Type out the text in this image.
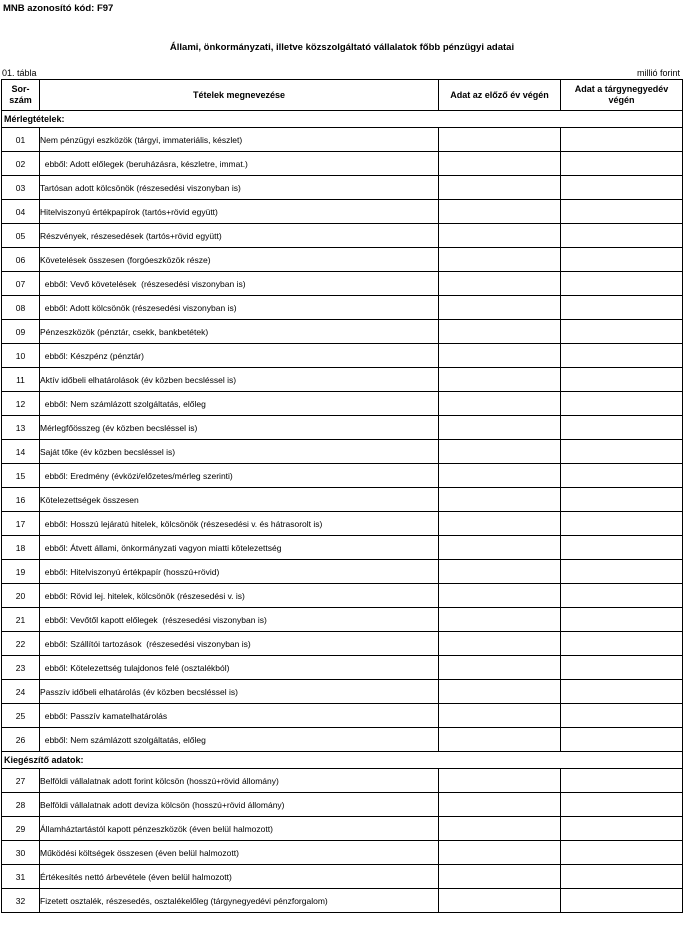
MNB azonosító kód: F97
Állami, önkormányzati, illetve közszolgáltató vállalatok főbb pénzügyi adatai
01. tábla	millió forint
Sor-
szám	Tételek megnevezése	Adat az előző év végén	Adat a tárgynegyedév
végén
Mérlegtételek:			
01	Nem pénzügyi eszközök (tárgyi, immateriális, készlet)		
02	ebből: Adott előlegek (beruházásra, készletre, immat.)		
03	Tartósan adott kölcsönök (részesedési viszonyban is)		
04	Hitelviszonyú értékpapírok (tartós+rövid együtt)		
05	Részvények, részesedések (tartós+rövid együtt)		
06	Követelések összesen (forgóeszközök része)		
07	ebből: Vevő követelések  (részesedési viszonyban is)		
08	ebből: Adott kölcsönök (részesedési viszonyban is)		
09	Pénzeszközök (pénztár, csekk, bankbetétek)		
10	ebből: Készpénz (pénztár)		
11	Aktív időbeli elhatárolások (év közben becsléssel is)		
12	ebből: Nem számlázott szolgáltatás, előleg		
13	Mérlegfőösszeg (év közben becsléssel is)		
14	Saját tőke (év közben becsléssel is)		
15	ebből: Eredmény (évközi/előzetes/mérleg szerinti)		
16	Kötelezettségek összesen		
17	ebből: Hosszú lejáratú hitelek, kölcsönök (részesedési v. és hátrasorolt is)		
18	ebből: Átvett állami, önkormányzati vagyon miatti kötelezettség		
19	ebből: Hitelviszonyú értékpapír (hosszú+rövid)		
20	ebből: Rövid lej. hitelek, kölcsönök (részesedési v. is)		
21	ebből: Vevőtől kapott előlegek  (részesedési viszonyban is)		
22	ebből: Szállítói tartozások  (részesedési viszonyban is)		
23	ebből: Kötelezettség tulajdonos felé (osztalékból)		
24	Passzív időbeli elhatárolás (év közben becsléssel is)		
25	ebből: Passzív kamatelhatárolás		
26	ebből: Nem számlázott szolgáltatás, előleg		
Kiegészítő adatok:			
27	Belföldi vállalatnak adott forint kölcsön (hosszú+rövid állomány)		
28	Belföldi vállalatnak adott deviza kölcsön (hosszú+rövid állomány)		
29	Államháztartástól kapott pénzeszközök (éven belül halmozott)		
30	Működési költségek összesen (éven belül halmozott)		
31	Értékesítés nettó árbevétele (éven belül halmozott)		
32	Fizetett osztalék, részesedés, osztalékelőleg (tárgynegyedévi pénzforgalom)		
